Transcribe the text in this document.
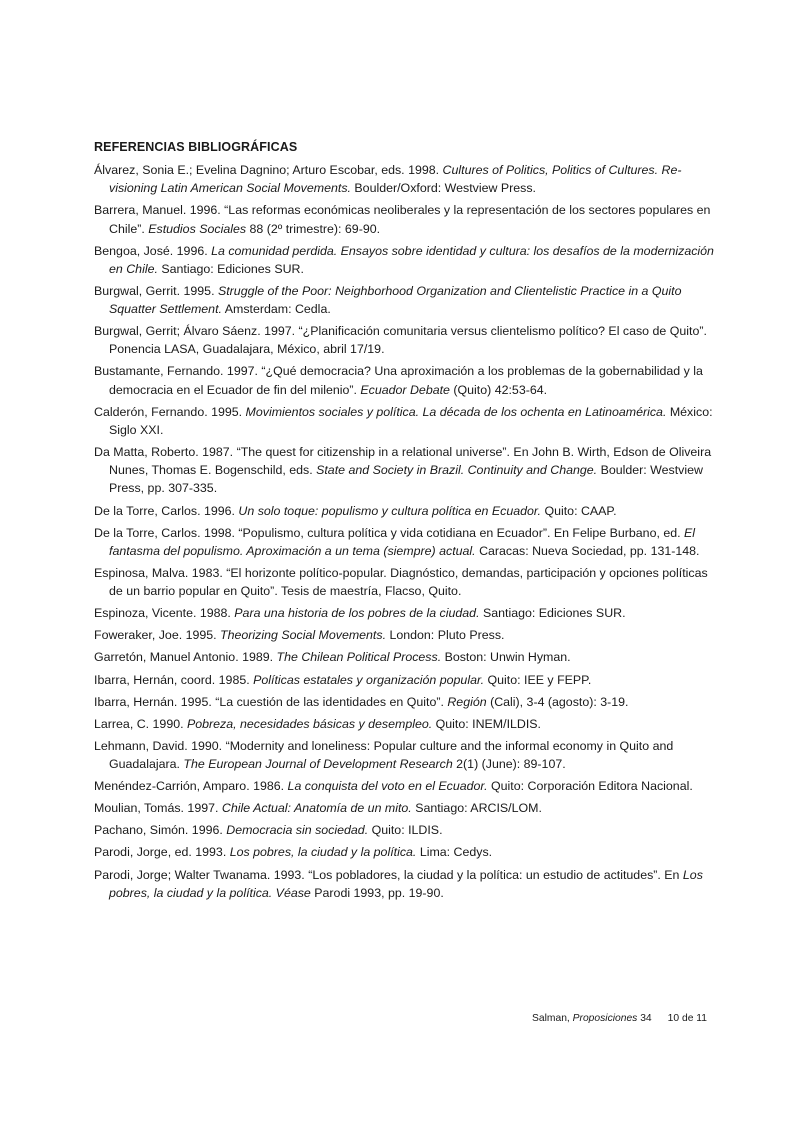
REFERENCIAS BIBLIOGRÁFICAS
Álvarez, Sonia E.; Evelina Dagnino; Arturo Escobar, eds. 1998. Cultures of Politics, Politics of Cultures. Re-visioning Latin American Social Movements. Boulder/Oxford: Westview Press.
Barrera, Manuel. 1996. “Las reformas económicas neoliberales y la representación de los sectores populares en Chile”. Estudios Sociales 88 (2º trimestre): 69-90.
Bengoa, José. 1996. La comunidad perdida. Ensayos sobre identidad y cultura: los desafíos de la modernización en Chile. Santiago: Ediciones SUR.
Burgwal, Gerrit. 1995. Struggle of the Poor: Neighborhood Organization and Clientelistic Practice in a Quito Squatter Settlement. Amsterdam: Cedla.
Burgwal, Gerrit; Álvaro Sáenz. 1997. “¿Planificación comunitaria versus clientelismo político? El caso de Quito”. Ponencia LASA, Guadalajara, México, abril 17/19.
Bustamante, Fernando. 1997. “¿Qué democracia? Una aproximación a los problemas de la gobernabilidad y la democracia en el Ecuador de fin del milenio”. Ecuador Debate (Quito) 42:53-64.
Calderón, Fernando. 1995. Movimientos sociales y política. La década de los ochenta en Latinoamérica. México: Siglo XXI.
Da Matta, Roberto. 1987. “The quest for citizenship in a relational universe”. En John B. Wirth, Edson de Oliveira Nunes, Thomas E. Bogenschild, eds. State and Society in Brazil. Continuity and Change. Boulder: Westview Press, pp. 307-335.
De la Torre, Carlos. 1996. Un solo toque: populismo y cultura política en Ecuador. Quito: CAAP.
De la Torre, Carlos. 1998. “Populismo, cultura política y vida cotidiana en Ecuador”. En Felipe Burbano, ed. El fantasma del populismo. Aproximación a un tema (siempre) actual. Caracas: Nueva Sociedad, pp. 131-148.
Espinosa, Malva. 1983. “El horizonte político-popular. Diagnóstico, demandas, participación y opciones políticas de un barrio popular en Quito”. Tesis de maestría, Flacso, Quito.
Espinoza, Vicente. 1988. Para una historia de los pobres de la ciudad. Santiago: Ediciones SUR.
Foweraker, Joe. 1995. Theorizing Social Movements. London: Pluto Press.
Garretón, Manuel Antonio. 1989. The Chilean Political Process. Boston: Unwin Hyman.
Ibarra, Hernán, coord. 1985. Políticas estatales y organización popular. Quito: IEE y FEPP.
Ibarra, Hernán. 1995. “La cuestión de las identidades en Quito”. Región (Cali), 3-4 (agosto): 3-19.
Larrea, C. 1990. Pobreza, necesidades básicas y desempleo. Quito: INEM/ILDIS.
Lehmann, David. 1990. “Modernity and loneliness: Popular culture and the informal economy in Quito and Guadalajara. The European Journal of Development Research 2(1) (June): 89-107.
Menéndez-Carrión, Amparo. 1986. La conquista del voto en el Ecuador. Quito: Corporación Editora Nacional.
Moulian, Tomás. 1997. Chile Actual: Anatomía de un mito. Santiago: ARCIS/LOM.
Pachano, Simón. 1996. Democracia sin sociedad. Quito: ILDIS.
Parodi, Jorge, ed. 1993. Los pobres, la ciudad y la política. Lima: Cedys.
Parodi, Jorge; Walter Twanama. 1993. “Los pobladores, la ciudad y la política: un estudio de actitudes”. En Los pobres, la ciudad y la política. Véase Parodi 1993, pp. 19-90.
Salman, Proposiciones 34 10 de 11
